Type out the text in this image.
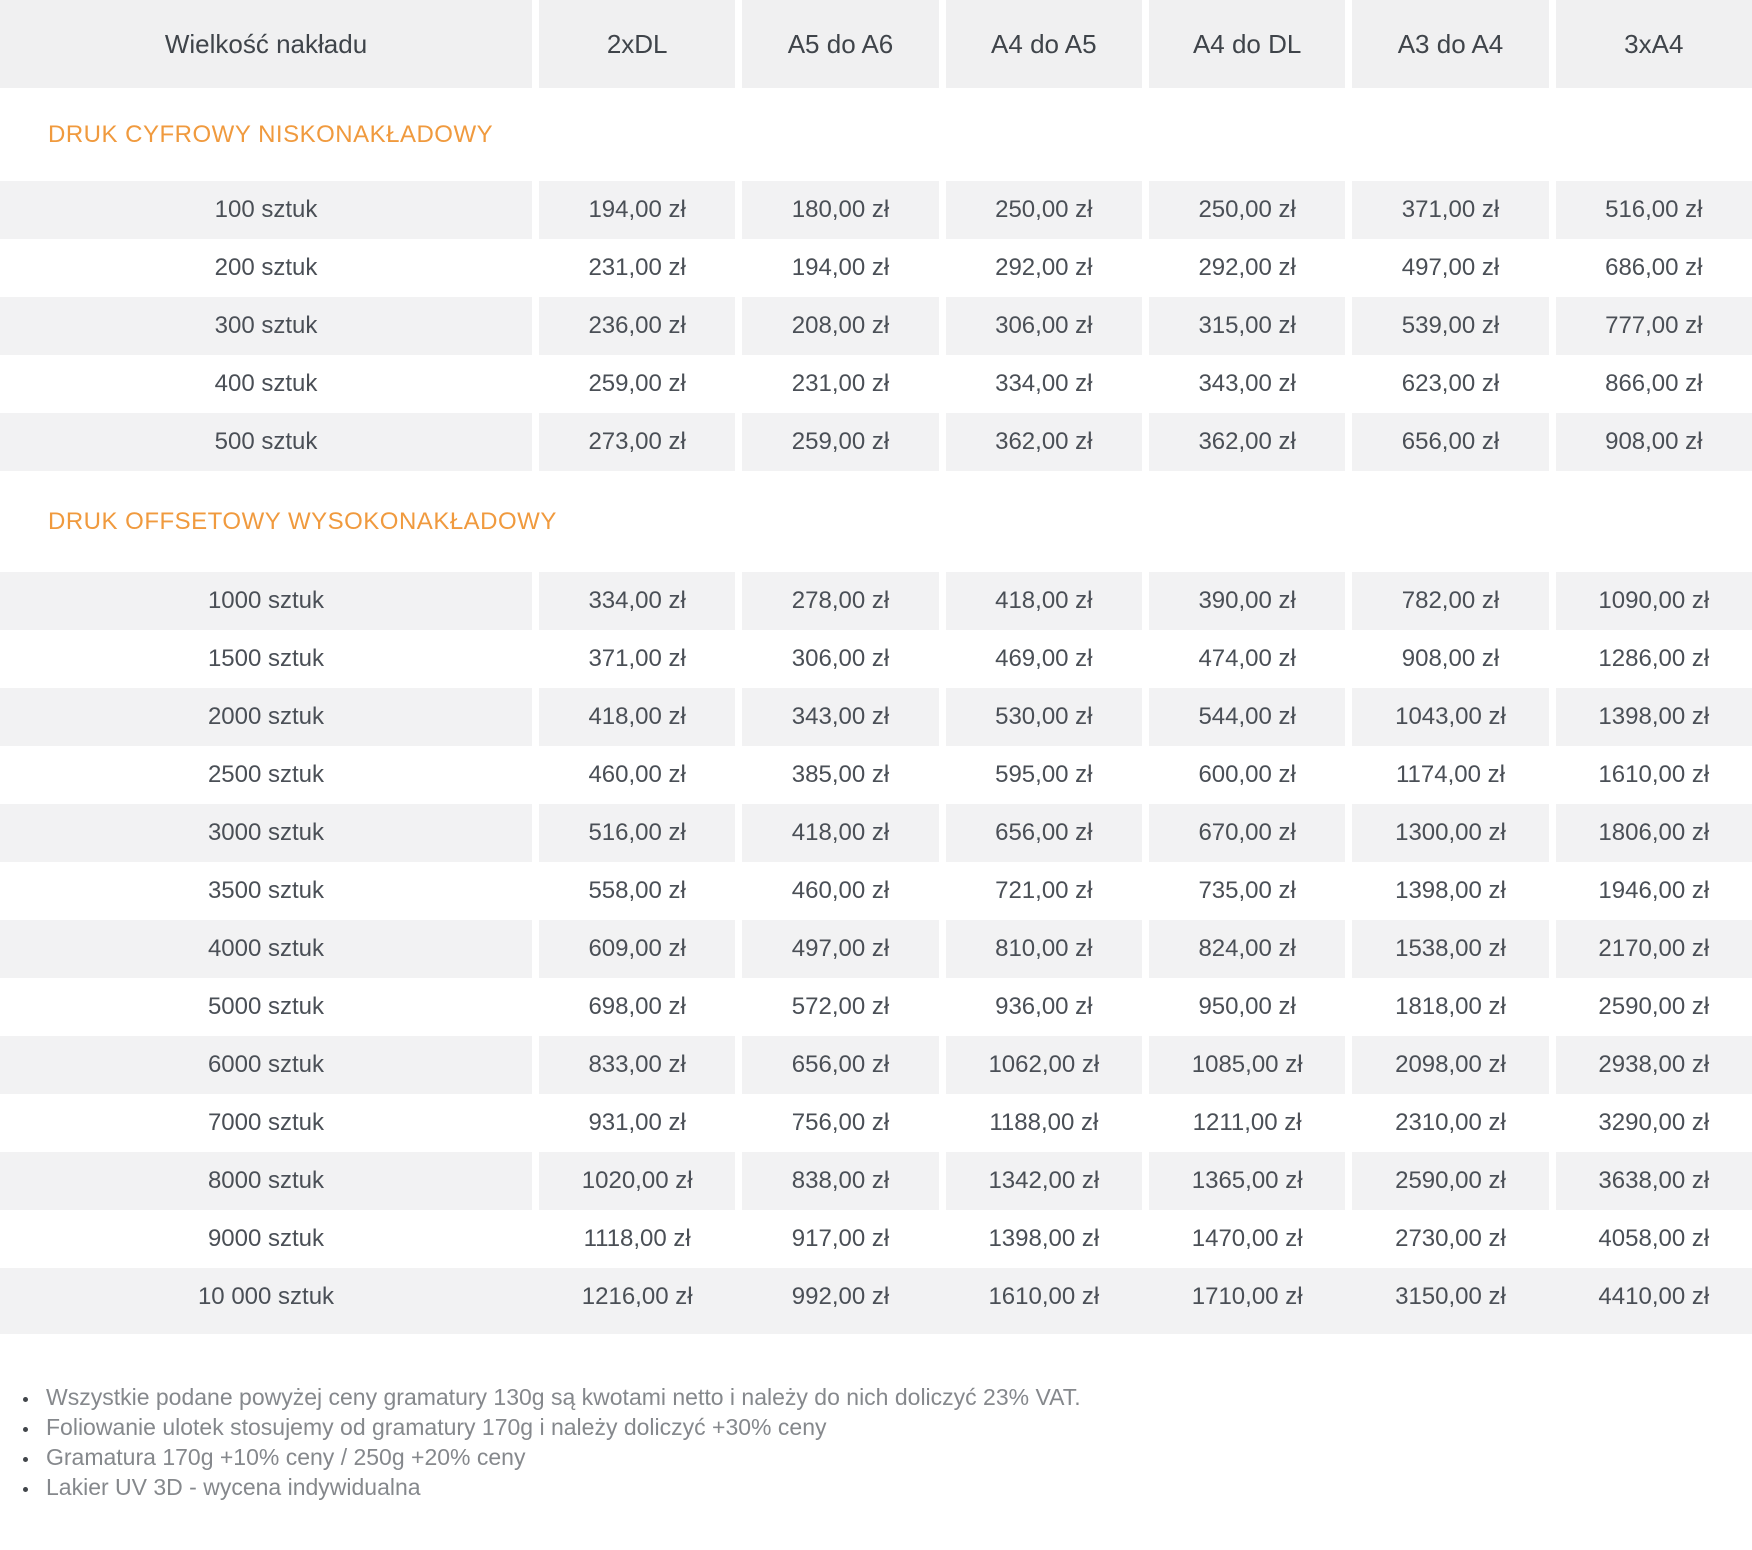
Wielkość nakładu	2xDL	A5 do A6	A4 do A5	A4 do DL	A3 do A4	3xA4
DRUK CYFROWY NISKONAKŁADOWY
100 sztuk	194,00 zł	180,00 zł	250,00 zł	250,00 zł	371,00 zł	516,00 zł
200 sztuk	231,00 zł	194,00 zł	292,00 zł	292,00 zł	497,00 zł	686,00 zł
300 sztuk	236,00 zł	208,00 zł	306,00 zł	315,00 zł	539,00 zł	777,00 zł
400 sztuk	259,00 zł	231,00 zł	334,00 zł	343,00 zł	623,00 zł	866,00 zł
500 sztuk	273,00 zł	259,00 zł	362,00 zł	362,00 zł	656,00 zł	908,00 zł
DRUK OFFSETOWY WYSOKONAKŁADOWY
1000 sztuk	334,00 zł	278,00 zł	418,00 zł	390,00 zł	782,00 zł	1090,00 zł
1500 sztuk	371,00 zł	306,00 zł	469,00 zł	474,00 zł	908,00 zł	1286,00 zł
2000 sztuk	418,00 zł	343,00 zł	530,00 zł	544,00 zł	1043,00 zł	1398,00 zł
2500 sztuk	460,00 zł	385,00 zł	595,00 zł	600,00 zł	1174,00 zł	1610,00 zł
3000 sztuk	516,00 zł	418,00 zł	656,00 zł	670,00 zł	1300,00 zł	1806,00 zł
3500 sztuk	558,00 zł	460,00 zł	721,00 zł	735,00 zł	1398,00 zł	1946,00 zł
4000 sztuk	609,00 zł	497,00 zł	810,00 zł	824,00 zł	1538,00 zł	2170,00 zł
5000 sztuk	698,00 zł	572,00 zł	936,00 zł	950,00 zł	1818,00 zł	2590,00 zł
6000 sztuk	833,00 zł	656,00 zł	1062,00 zł	1085,00 zł	2098,00 zł	2938,00 zł
7000 sztuk	931,00 zł	756,00 zł	1188,00 zł	1211,00 zł	2310,00 zł	3290,00 zł
8000 sztuk	1020,00 zł	838,00 zł	1342,00 zł	1365,00 zł	2590,00 zł	3638,00 zł
9000 sztuk	1118,00 zł	917,00 zł	1398,00 zł	1470,00 zł	2730,00 zł	4058,00 zł
10 000 sztuk	1216,00 zł	992,00 zł	1610,00 zł	1710,00 zł	3150,00 zł	4410,00 zł
• Wszystkie podane powyżej ceny gramatury 130g są kwotami netto i należy do nich doliczyć 23% VAT.
• Foliowanie ulotek stosujemy od gramatury 170g i należy doliczyć +30% ceny
• Gramatura 170g +10% ceny / 250g +20% ceny
• Lakier UV 3D - wycena indywidualna
